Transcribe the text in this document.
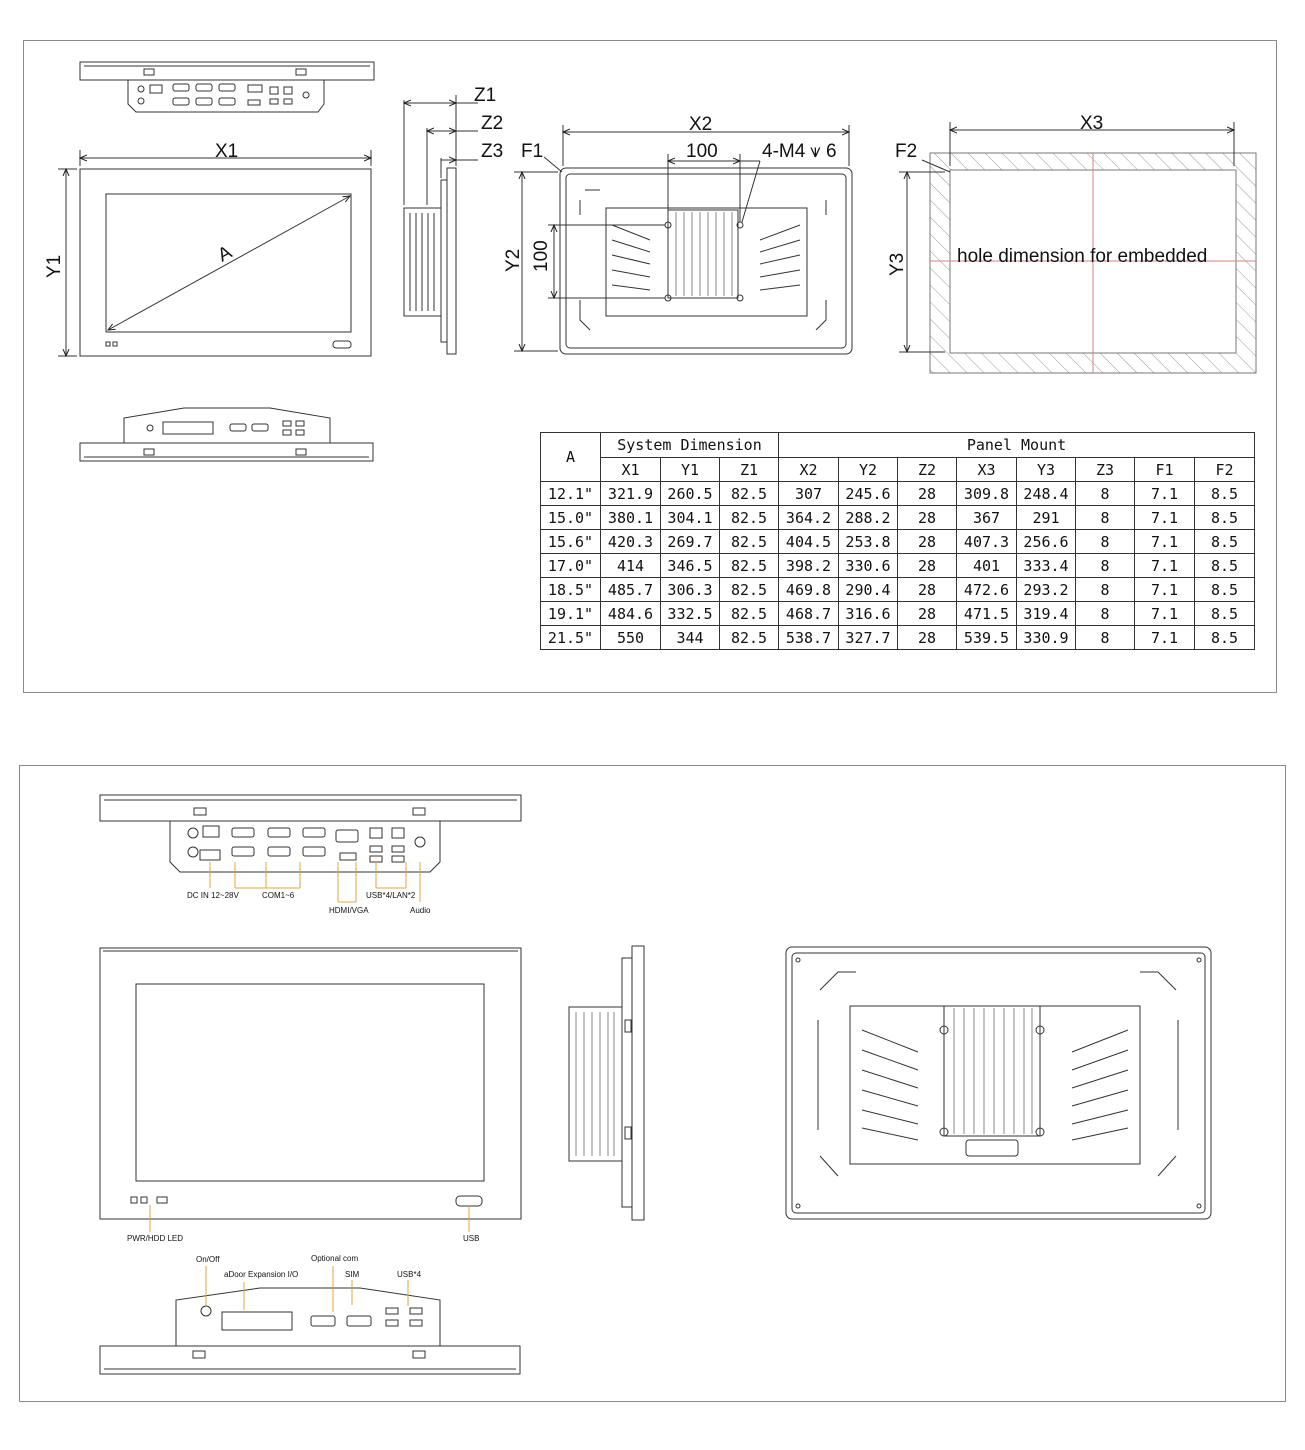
X1
Y1	A
Z1
Z2
Z3
X2
F1	100 4-M4 ⩛ 6
Y2 100
X3
Y3
F2
hole dimension for embedded
DC IN 12~28V	COM1~6
HDMI/VGA
USB*4/LAN*2
Audio
PWR/HDD LED	USB
On/Off
aDoor Expansion I/O
Optional com
SIM	USB*4
A	System Dimension			Panel Mount							
	X1	Y1	Z1	X2	Y2	Z2	X3	Y3	Z3	F1	F2
12.1"	321.9	260.5	82.5	307	245.6	28	309.8	248.4	8	7.1	8.5
15.0"	380.1	304.1	82.5	364.2	288.2	28	367	291	8	7.1	8.5
15.6"	420.3	269.7	82.5	404.5	253.8	28	407.3	256.6	8	7.1	8.5
17.0"	414	346.5	82.5	398.2	330.6	28	401	333.4	8	7.1	8.5
18.5"	485.7	306.3	82.5	469.8	290.4	28	472.6	293.2	8	7.1	8.5
19.1"	484.6	332.5	82.5	468.7	316.6	28	471.5	319.4	8	7.1	8.5
21.5"	550	344	82.5	538.7	327.7	28	539.5	330.9	8	7.1	8.5
